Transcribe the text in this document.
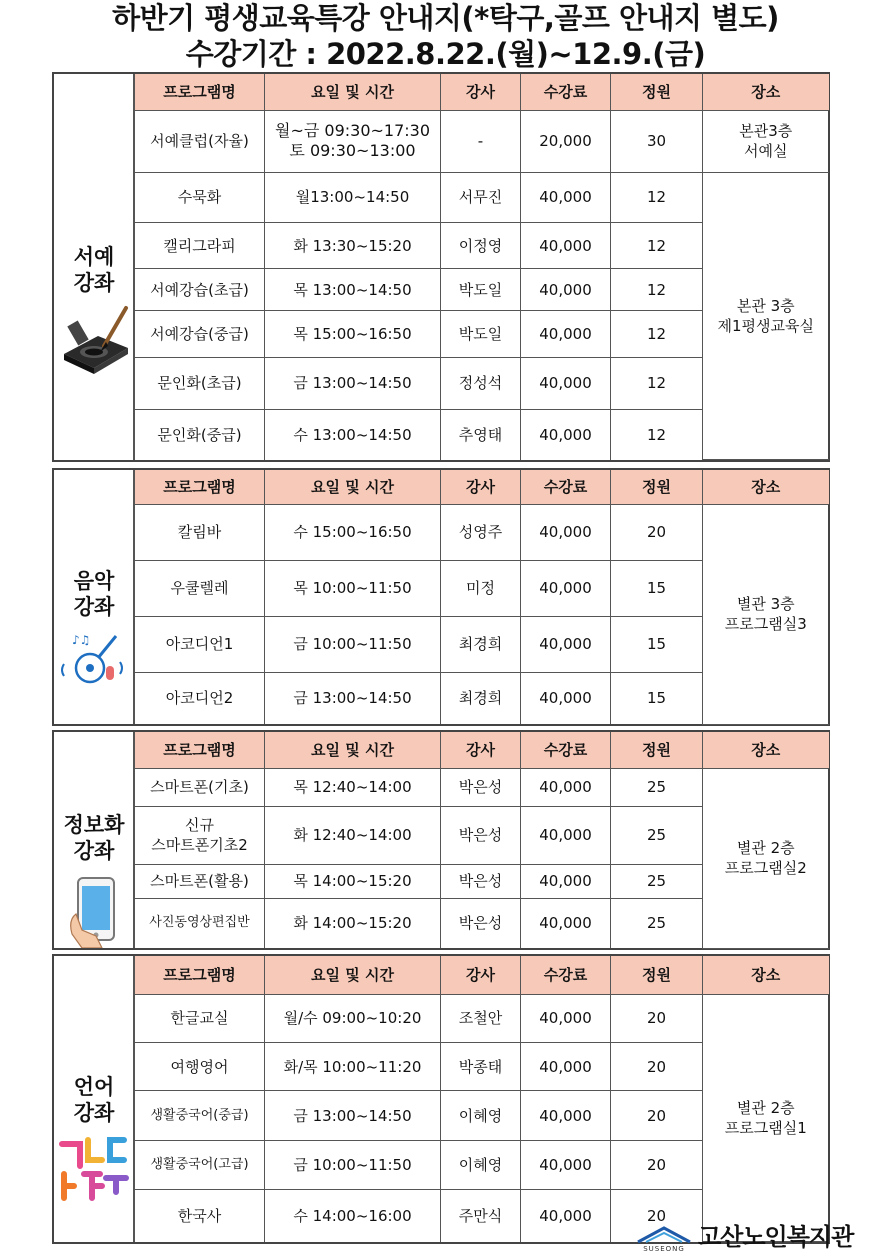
하반기 평생교육특강 안내지(*탁구,골프 안내지 별도)
수강기간 : 2022.8.22.(월)~12.9.(금)
서예
강좌
프로그램명	요일 및 시간	강사	수강료	정원	장소
서예클럽(자율)	월~금 09:30~17:30
토 09:30~13:00	-	20,000	30	본관3층
서예실
수묵화	월13:00~14:50	서무진	40,000	12	본관 3층
제1평생교육실
캘리그라피	화 13:30~15:20	이정영	40,000	12	
서예강습(초급)	목 13:00~14:50	박도일	40,000	12	
서예강습(중급)	목 15:00~16:50	박도일	40,000	12	
문인화(초급)	금 13:00~14:50	정성석	40,000	12	
문인화(중급)	수 13:00~14:50	추영태	40,000	12	
음악
강좌
♪♫
프로그램명	요일 및 시간	강사	수강료	정원	장소
칼림바	수 15:00~16:50	성영주	40,000	20	별관 3층
프로그램실3
우쿨렐레	목 10:00~11:50	미정	40,000	15	
아코디언1	금 10:00~11:50	최경희	40,000	15	
아코디언2	금 13:00~14:50	최경희	40,000	15	
정보화
강좌
프로그램명	요일 및 시간	강사	수강료	정원	장소
스마트폰(기초)	목 12:40~14:00	박은성	40,000	25	별관 2층
프로그램실2
신규
스마트폰기초2	화 12:40~14:00	박은성	40,000	25	
스마트폰(활용)	목 14:00~15:20	박은성	40,000	25	
사진동영상편집반	화 14:00~15:20	박은성	40,000	25	
언어
강좌
프로그램명	요일 및 시간	강사	수강료	정원	장소
한글교실	월/수 09:00~10:20	조철안	40,000	20	별관 2층
프로그램실1
여행영어	화/목 10:00~11:20	박종태	40,000	20	
생활중국어(중급)	금 13:00~14:50	이혜영	40,000	20	
생활중국어(고급)	금 10:00~11:50	이혜영	40,000	20	
한국사	수 14:00~16:00	주만식	40,000	20	
SUSEONG 고산노인복지관
